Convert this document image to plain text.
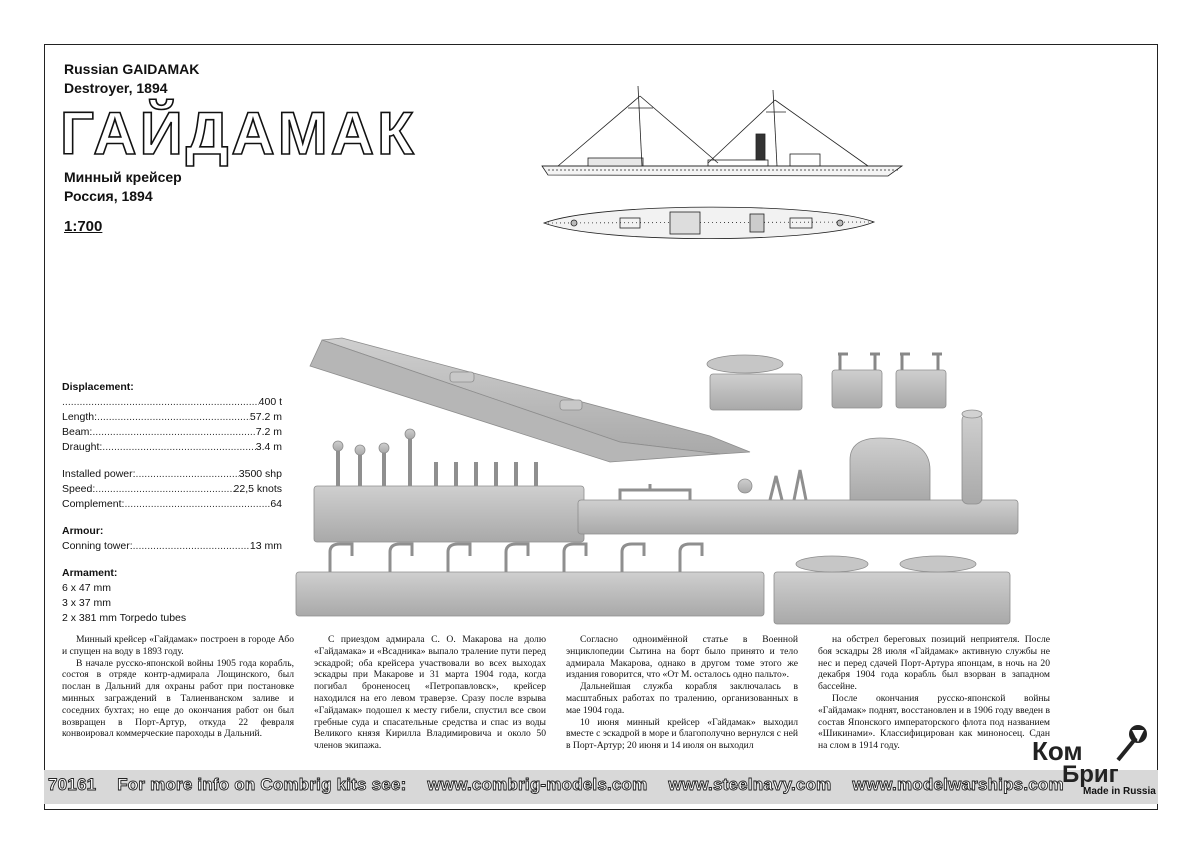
Russian GAIDAMAK
Destroyer, 1894
ГАЙДАМАК
Минный крейсер
Россия, 1894
1:700
Displacement:
.....
400 t
Length: .....	57.2 m
Beam: .....	7.2 m
Draught: .....	3.4 m
Installed power: .....	3500 shp
Speed: .....	22,5 knots
Complement: .....	64
Armour:
Conning tower: .....	13 mm
Armament:
6 x 47 mm
3 x 37 mm
2 x 381 mm Torpedo tubes

Минный крейсер «Гайдамак» построен в городе Або и спущен на воду в 1893 году.

В начале русско-японской войны 1905 года корабль, состоя в отряде контр-адмирала Лощинского, был послан в Дальний для охраны работ при постановке минных заграждений в Талиенванском заливе и соседних бухтах; но еще до окончания работ он был возвращен в Порт-Артур, откуда 22 февраля конвоировал коммерческие пароходы в Дальний.

С приездом адмирала С. О. Макарова на долю «Гайдамака» и «Всадника» выпало траление пути перед эскадрой; оба крейсера участвовали во всех выходах эскадры при Макарове и 31 марта 1904 года, когда погибал броненосец «Петропавловск», крейсер находился на его левом траверзе. Сразу после взрыва «Гайдамак» подошел к месту гибели, спустил все свои гребные суда и спасательные средства и спас из воды Великого князя Кирилла Владимировича и около 50 членов экипажа.

Согласно одноимённой статье в Военной энциклопедии Сытина на борт было принято и тело адмирала Макарова, однако в другом томе этого же издания говорится, что «От М. осталось одно пальто».

Дальнейшая служба корабля заключалась в масштабных работах по тралению, организованных в мае 1904 года.

10 июня минный крейсер «Гайдамак» выходил вместе с эскадрой в море и благополучно вернулся с ней в Порт-Артур; 20 июня и 14 июля он выходил

на обстрел береговых позиций неприятеля. После боя эскадры 28 июля «Гайдамак» активную службы не нес и перед сдачей Порт-Артура японцам, в ночь на 20 декабря 1904 года корабль был взорван в западном бассейне.

После окончания русско-японской войны «Гайдамак» поднят, восстановлен и в 1906 году введен в состав Японского императорского флота под названием «Шикинами». Классифицирован как миноносец. Сдан на слом в 1914 году.

70161 For more info on Combrig kits see: www.combrig-models.com www.steelnavy.com www.modelwarships.com
Ком
Бриг
Made in Russia
